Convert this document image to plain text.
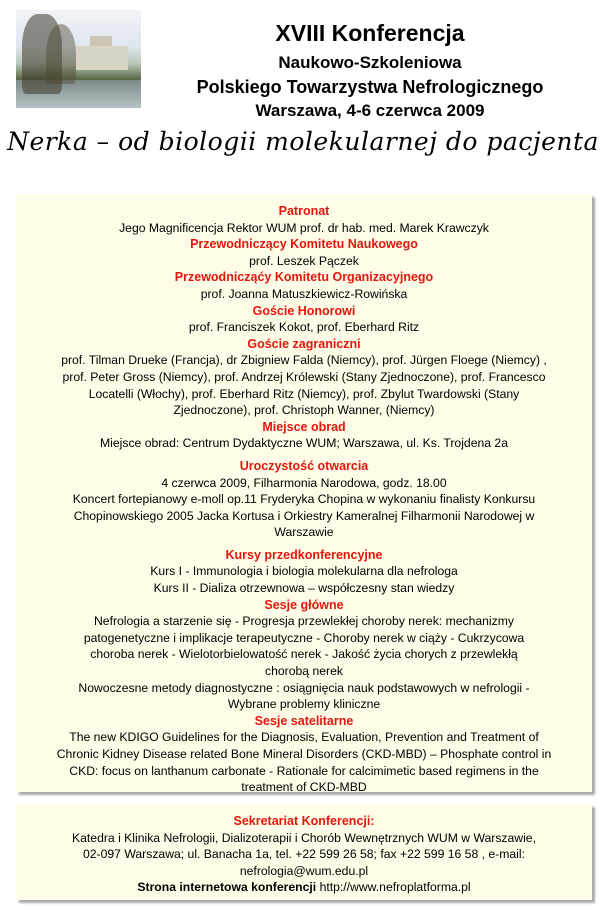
XVIII Konferencja
Naukowo-Szkoleniowa
Polskiego Towarzystwa Nefrologicznego
Warszawa, 4-6 czerwca 2009
Nerka – od biologii molekularnej do pacjenta
Patronat
Jego Magnificencja Rektor WUM prof. dr hab. med. Marek Krawczyk
Przewodniczący Komitetu Naukowego
prof. Leszek Pączek
Przewodnicząćy Komitetu Organizacyjnego
prof. Joanna Matuszkiewicz-Rowińska
Goście Honorowi
prof. Franciszek Kokot, prof. Eberhard Ritz
Goście zagraniczni
prof. Tilman Drueke (Francja), dr Zbigniew Falda (Niemcy), prof. Jürgen Floege (Niemcy) ,
prof. Peter Gross (Niemcy), prof. Andrzej Królewski (Stany Zjednoczone), prof. Francesco
Locatelli (Włochy), prof. Eberhard Ritz (Niemcy), prof. Zbylut Twardowski (Stany
Zjednoczone), prof. Christoph Wanner, (Niemcy)
Miejsce obrad
Miejsce obrad: Centrum Dydaktyczne WUM; Warszawa, ul. Ks. Trojdena 2a
Uroczystość otwarcia
4 czerwca 2009, Filharmonia Narodowa, godz. 18.00
Koncert fortepianowy e-moll op.11 Fryderyka Chopina w wykonaniu finalisty Konkursu
Chopinowskiego 2005 Jacka Kortusa i Orkiestry Kameralnej Filharmonii Narodowej w
Warszawie
Kursy przedkonferencyjne
Kurs I - Immunologia i biologia molekularna dla nefrologa
Kurs II - Dializa otrzewnowa – współczesny stan wiedzy
Sesje główne
Nefrologia a starzenie się - Progresja przewlekłej choroby nerek: mechanizmy
patogenetyczne i implikacje terapeutyczne - Choroby nerek w ciąży - Cukrzycowa
choroba nerek - Wielotorbielowatość nerek - Jakość życia chorych z przewlekłą
chorobą nerek
Nowoczesne metody diagnostyczne : osiągnięcia nauk podstawowych w nefrologii -
Wybrane problemy kliniczne
Sesje satelitarne
The new KDIGO Guidelines for the Diagnosis, Evaluation, Prevention and Treatment of
Chronic Kidney Disease related Bone Mineral Disorders (CKD-MBD) – Phosphate control in
CKD: focus on lanthanum carbonate - Rationale for calcimimetic based regimens in the
treatment of CKD-MBD
Sekretariat Konferencji:
Katedra i Klinika Nefrologii, Dializoterapii i Chorób Wewnętrznych WUM w Warszawie,
02-097 Warszawa; ul. Banacha 1a, tel. +22 599 26 58; fax +22 599 16 58 , e-mail:
nefrologia@wum.edu.pl
Strona internetowa konferencji http://www.nefroplatforma.pl
